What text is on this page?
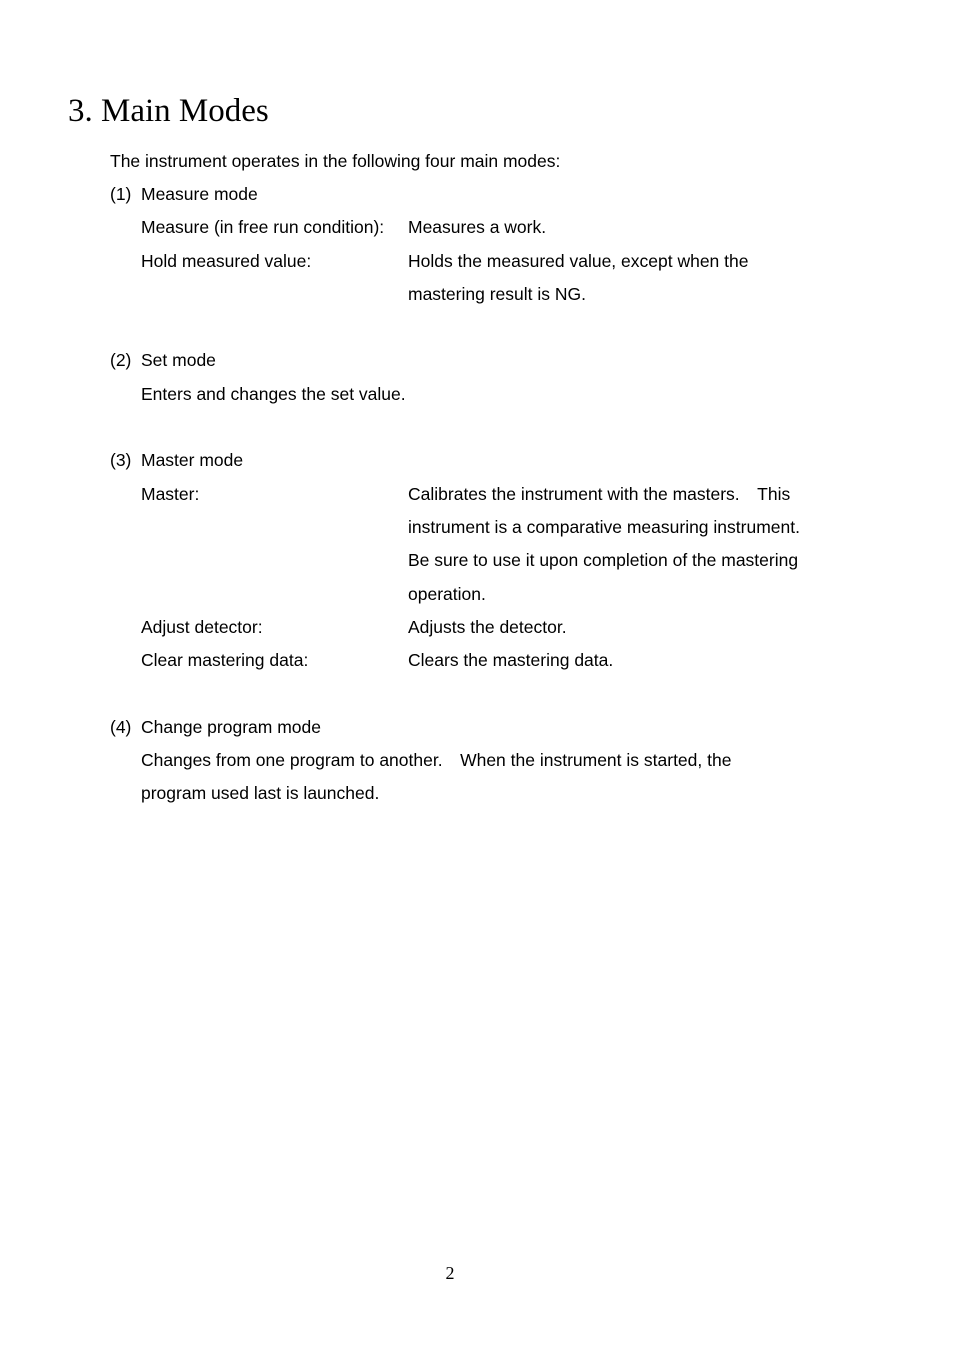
3. Main Modes
The instrument operates in the following four main modes:
(1) Measure mode
Measure (in free run condition):	Measures a work.
Hold measured value:	Holds the measured value, except when the
mastering result is NG.
(2) Set mode
Enters and changes the set value.
(3) Master mode
Master:	Calibrates the instrument with the masters.　This
instrument is a comparative measuring instrument.
Be sure to use it upon completion of the mastering
operation.
Adjust detector:	Adjusts the detector.
Clear mastering data:	Clears the mastering data.
(4) Change program mode
Changes from one program to another.　When the instrument is started, the
program used last is launched.
2
